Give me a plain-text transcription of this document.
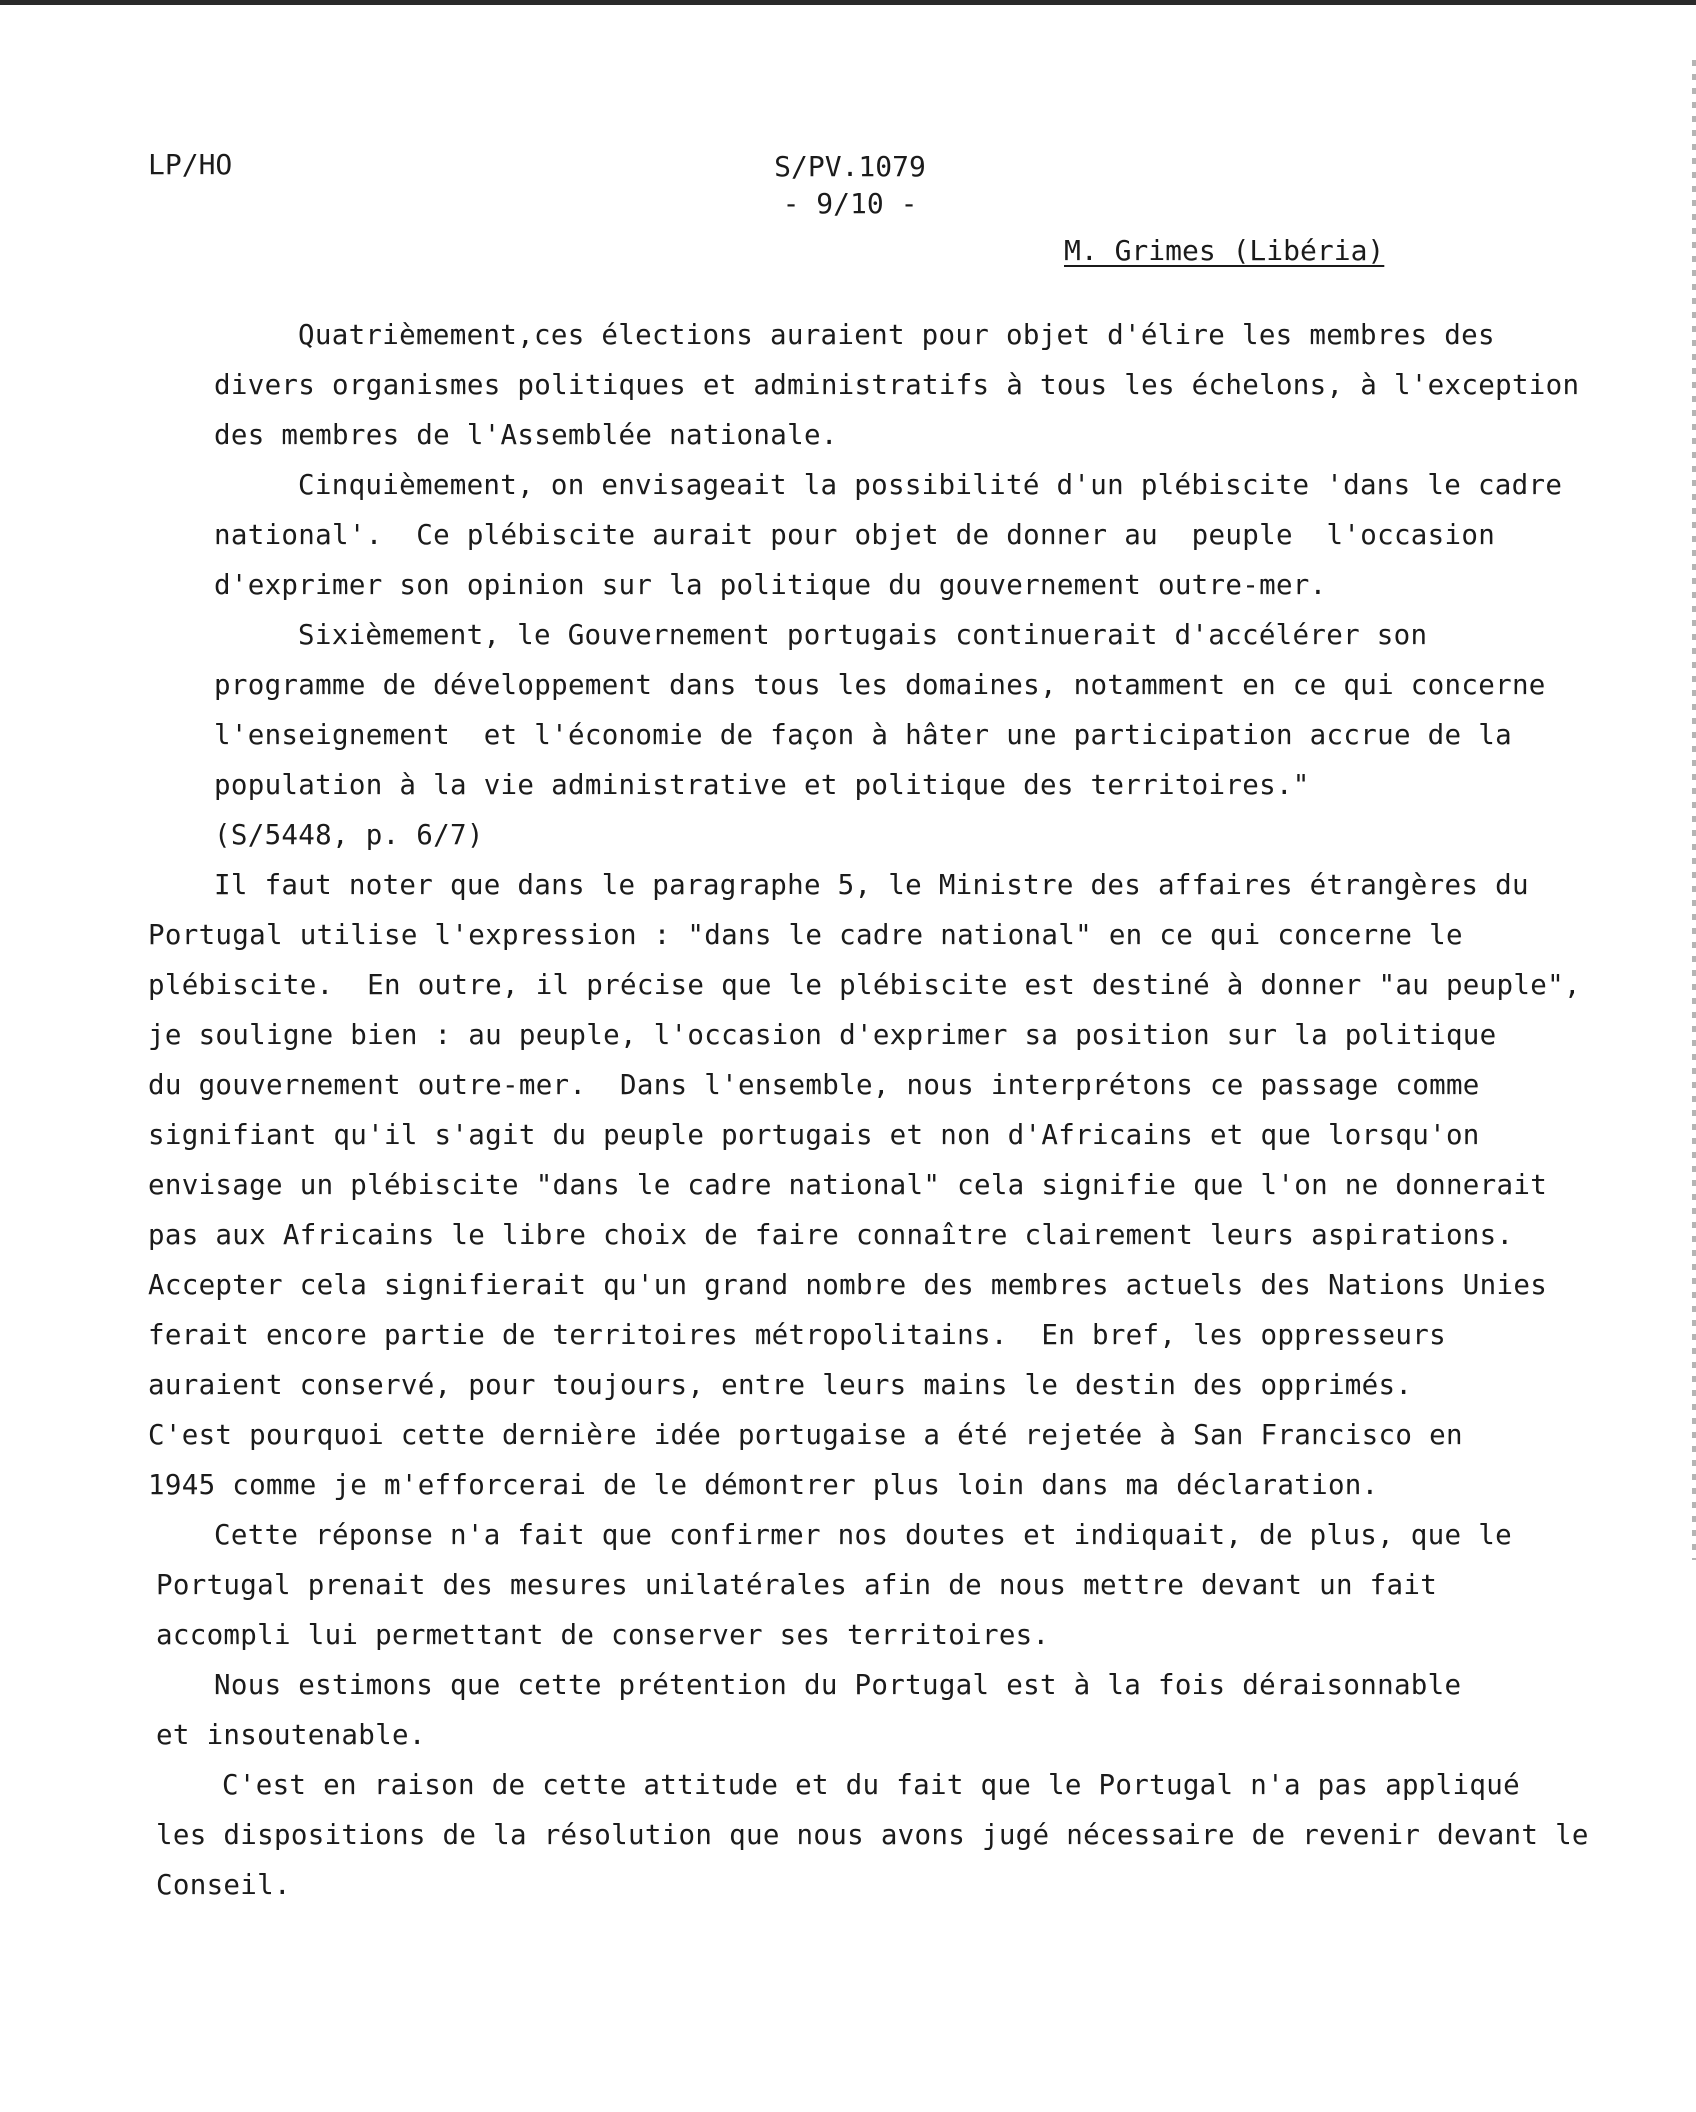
LP/HO	S/PV.1079
- 9/10 -
M. Grimes (Libéria)
Quatrièmement,ces élections auraient pour objet d'élire les membres des
divers organismes politiques et administratifs à tous les échelons, à l'exception
des membres de l'Assemblée nationale.
Cinquièmement, on envisageait la possibilité d'un plébiscite 'dans le cadre
national'.  Ce plébiscite aurait pour objet de donner au  peuple  l'occasion
d'exprimer son opinion sur la politique du gouvernement outre-mer.
Sixièmement, le Gouvernement portugais continuerait d'accélérer son
programme de développement dans tous les domaines, notamment en ce qui concerne
l'enseignement  et l'économie de façon à hâter une participation accrue de la
population à la vie administrative et politique des territoires."
(S/5448, p. 6/7)
Il faut noter que dans le paragraphe 5, le Ministre des affaires étrangères du
Portugal utilise l'expression : "dans le cadre national" en ce qui concerne le
plébiscite.  En outre, il précise que le plébiscite est destiné à donner "au peuple",
je souligne bien : au peuple, l'occasion d'exprimer sa position sur la politique
du gouvernement outre-mer.  Dans l'ensemble, nous interprétons ce passage comme
signifiant qu'il s'agit du peuple portugais et non d'Africains et que lorsqu'on
envisage un plébiscite "dans le cadre national" cela signifie que l'on ne donnerait
pas aux Africains le libre choix de faire connaître clairement leurs aspirations.
Accepter cela signifierait qu'un grand nombre des membres actuels des Nations Unies
ferait encore partie de territoires métropolitains.  En bref, les oppresseurs
auraient conservé, pour toujours, entre leurs mains le destin des opprimés.
C'est pourquoi cette dernière idée portugaise a été rejetée à San Francisco en
1945 comme je m'efforcerai de le démontrer plus loin dans ma déclaration.
Cette réponse n'a fait que confirmer nos doutes et indiquait, de plus, que le
Portugal prenait des mesures unilatérales afin de nous mettre devant un fait
accompli lui permettant de conserver ses territoires.
Nous estimons que cette prétention du Portugal est à la fois déraisonnable
et insoutenable.
C'est en raison de cette attitude et du fait que le Portugal n'a pas appliqué
les dispositions de la résolution que nous avons jugé nécessaire de revenir devant le
Conseil.
